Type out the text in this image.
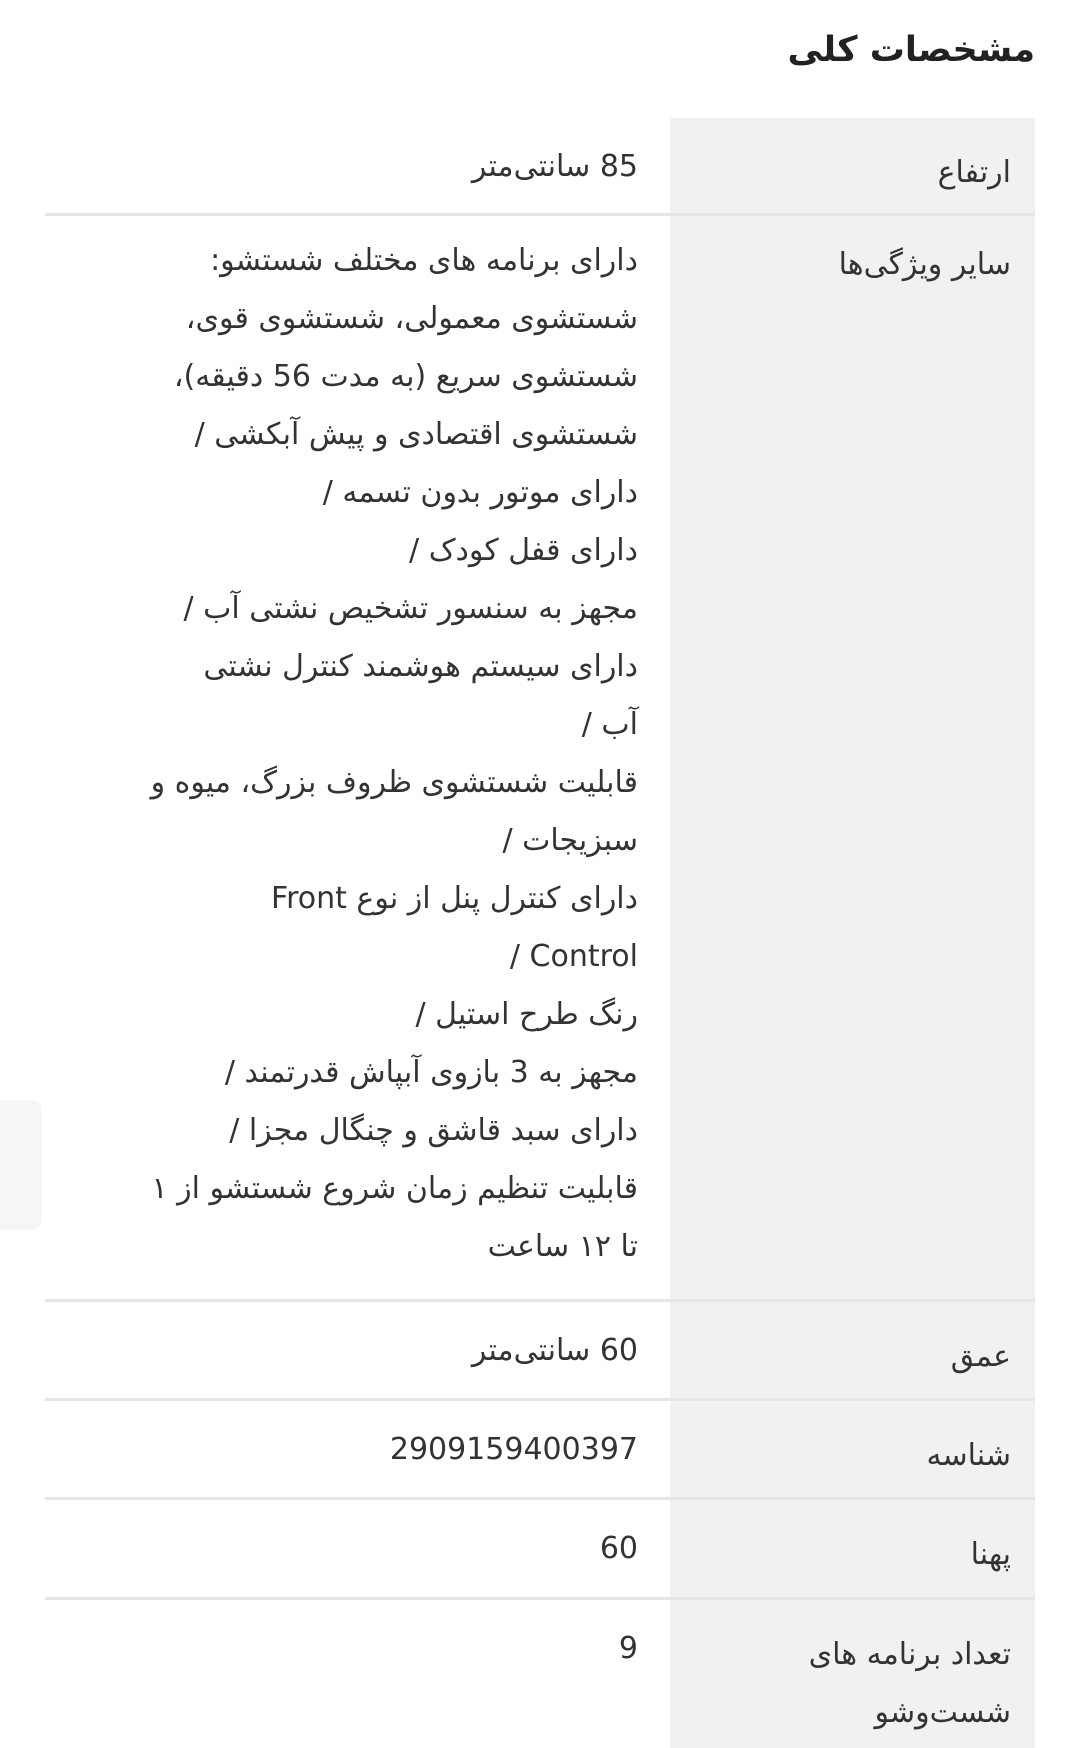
مشخصات کلی
ارتفاع
85 سانتی‌متر
سایر ویژگی‌ها
دارای برنامه های مختلف شستشو:
شستشوی معمولی، شستشوی قوی،
شستشوی سریع (به مدت 56 دقیقه)،
شستشوی اقتصادی و پیش آبکشی /
دارای موتور بدون تسمه /
دارای قفل کودک /
مجهز به سنسور تشخیص نشتی آب /
دارای سیستم هوشمند کنترل نشتی
آب /
قابلیت شستشوی ظروف بزرگ، میوه و
سبزیجات /
دارای کنترل پنل از نوع Front
Control /
رنگ طرح استیل /
مجهز به 3 بازوی آبپاش قدرتمند /
دارای سبد قاشق و چنگال مجزا /
قابلیت تنظیم زمان شروع شستشو از ۱
تا ۱۲ ساعت
عمق
60 سانتی‌متر
شناسه
2909159400397
پهنا
60
تعداد برنامه های
شست‌وشو
9
